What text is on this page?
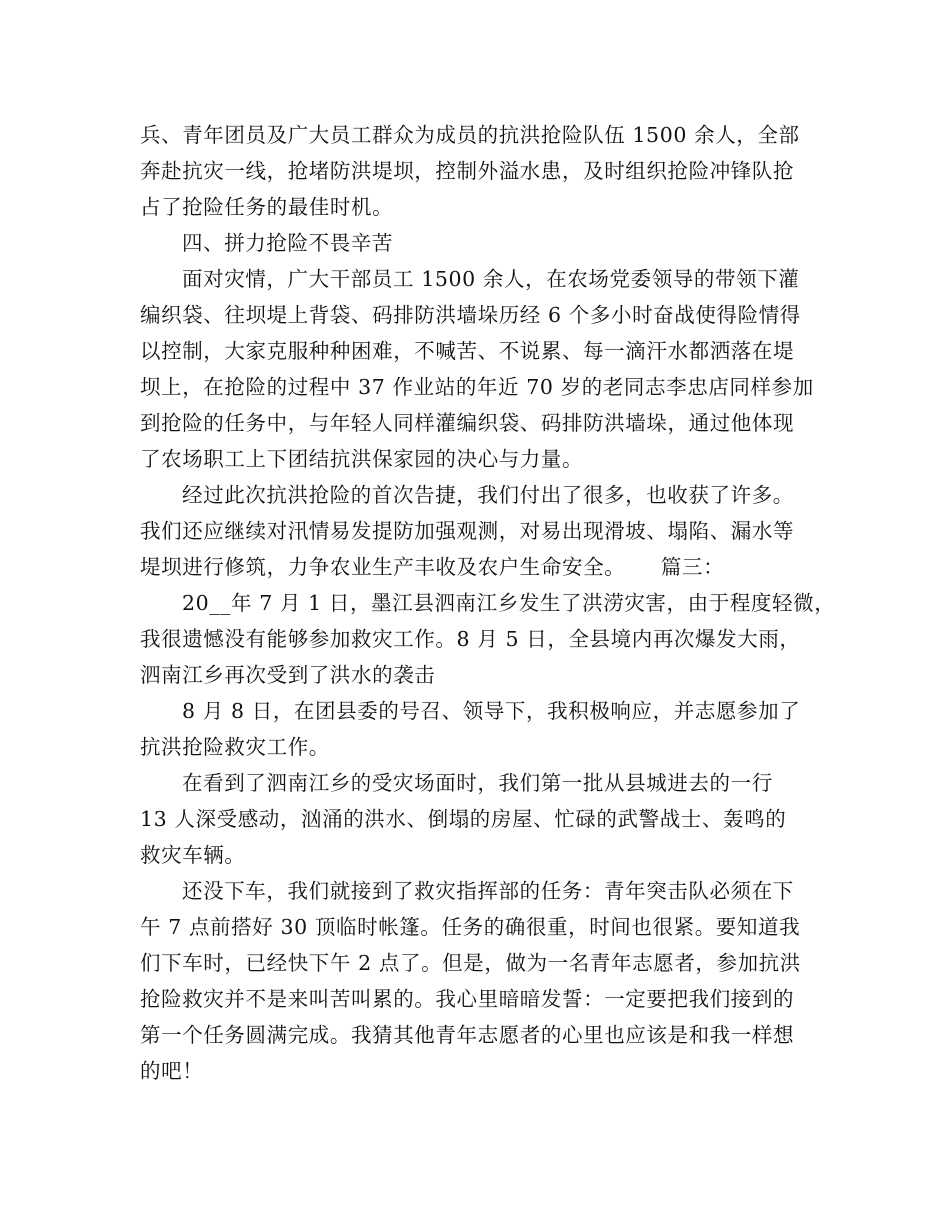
兵、青年团员及广大员工群众为成员的抗洪抢险队伍 1500 余人，全部
奔赴抗灾一线，抢堵防洪堤坝，控制外溢水患，及时组织抢险冲锋队抢
占了抢险任务的最佳时机。
四、拼力抢险不畏辛苦
面对灾情，广大干部员工 1500 余人，在农场党委领导的带领下灌
编织袋、往坝堤上背袋、码排防洪墙垛历经 6 个多小时奋战使得险情得
以控制，大家克服种种困难，不喊苦、不说累、每一滴汗水都洒落在堤
坝上，在抢险的过程中 37 作业站的年近 70 岁的老同志李忠店同样参加
到抢险的任务中，与年轻人同样灌编织袋、码排防洪墙垛，通过他体现
了农场职工上下团结抗洪保家园的决心与力量。
经过此次抗洪抢险的首次告捷，我们付出了很多，也收获了许多。
我们还应继续对汛情易发提防加强观测，对易出现滑坡、塌陷、漏水等
堤坝进行修筑，力争农业生产丰收及农户生命安全。     篇三：
20__年 7 月 1 日，墨江县泗南江乡发生了洪涝灾害，由于程度轻微，
我很遗憾没有能够参加救灾工作。8 月 5 日，全县境内再次爆发大雨，
泗南江乡再次受到了洪水的袭击
8 月 8 日，在团县委的号召、领导下，我积极响应，并志愿参加了
抗洪抢险救灾工作。
在看到了泗南江乡的受灾场面时，我们第一批从县城进去的一行
13 人深受感动，汹涌的洪水、倒塌的房屋、忙碌的武警战士、轰鸣的
救灾车辆。
还没下车，我们就接到了救灾指挥部的任务：青年突击队必须在下
午 7 点前搭好 30 顶临时帐篷。任务的确很重，时间也很紧。要知道我
们下车时，已经快下午 2 点了。但是，做为一名青年志愿者，参加抗洪
抢险救灾并不是来叫苦叫累的。我心里暗暗发誓：一定要把我们接到的
第一个任务圆满完成。我猜其他青年志愿者的心里也应该是和我一样想
的吧！
